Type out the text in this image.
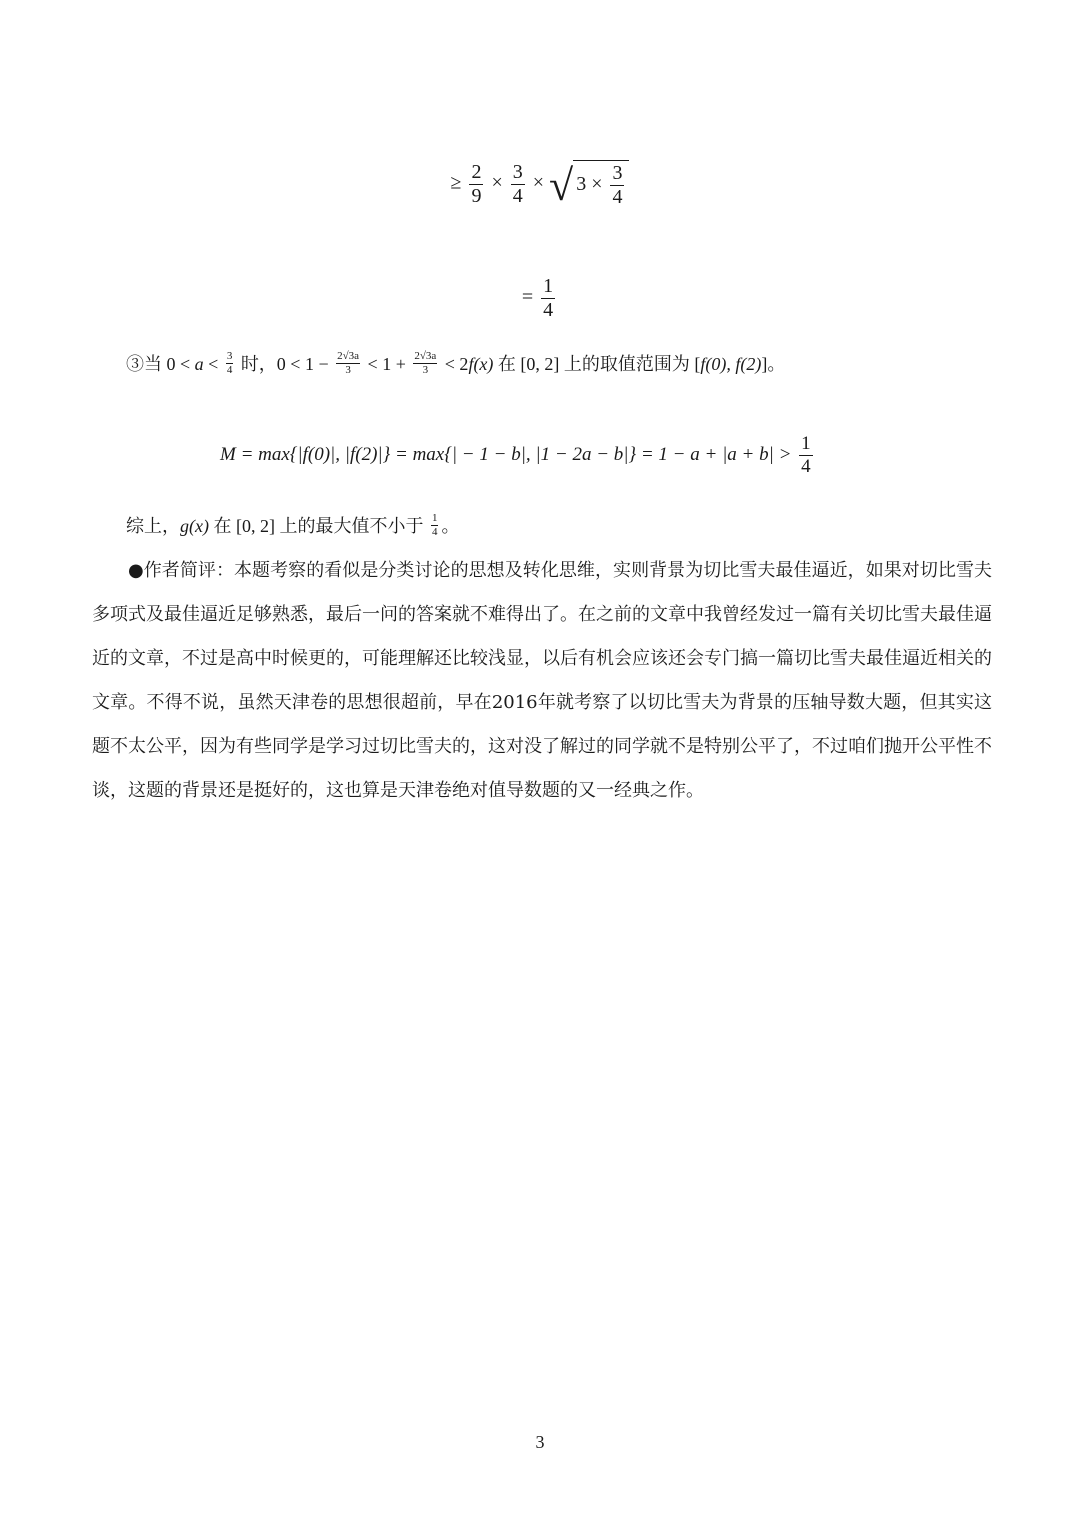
≥ $\frac{2}{9} \times \frac{3}{4}$ × √ $3 \times \frac{3}{4}$
= $\frac{1}{4}$
③当 $0 < a < \frac{3}{4}$ 时，$0 < 1 - \frac{2√3a}{3} < 1 + \frac{2√3a}{3} < 2f(x)$ 在 [0, 2] 上的取值范围为 [f(0), f(2)]。
M = max{|f(0)|, |f(2)|} = max{| − 1 − b|, $|1 - 2a - b|\} = 1 - a + |a + b| > \frac{1}{4}$
综上，g(x) 在 [0, 2] 上的最大值不小于 $\frac{1}{4}$ 。

●作者简评：本题考察的看似是分类讨论的思想及转化思维，实则背景为切比雪夫最佳逼近，如果对切比雪夫多项式及最佳逼近足够熟悉，最后一问的答案就不难得出了。在之前的文章中我曾经发过一篇有关切比雪夫最佳逼近的文章，不过是高中时候更的，可能理解还比较浅显，以后有机会应该还会专门搞一篇切比雪夫最佳逼近相关的文章。不得不说，虽然天津卷的思想很超前，早在2016年就考察了以切比雪夫为背景的压轴导数大题，但其实这题不太公平，因为有些同学是学习过切比雪夫的，这对没了解过的同学就不是特别公平了，不过咱们抛开公平性不谈，这题的背景还是挺好的，这也算是天津卷绝对值导数题的又一经典之作。

3
